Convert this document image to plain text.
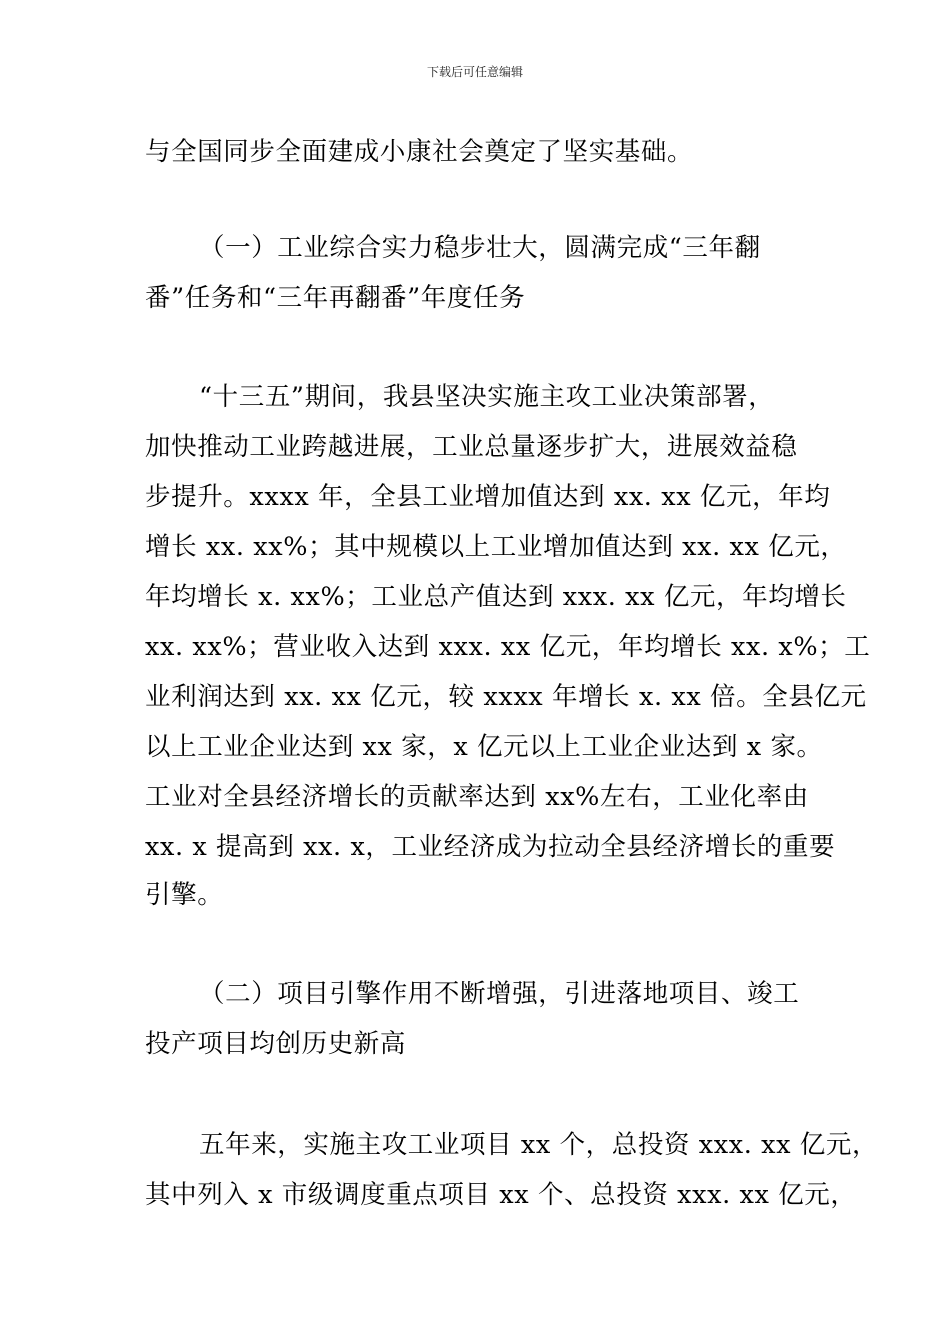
下载后可任意编辑
与全国同步全面建成小康社会奠定了坚实基础。
（一）工业综合实力稳步壮大，圆满完成“三年翻
番”任务和“三年再翻番”年度任务
“十三五”期间，我县坚决实施主攻工业决策部署，
加快推动工业跨越进展，工业总量逐步扩大，进展效益稳
步提升。xxxx 年，全县工业增加值达到 xx. xx 亿元，年均
增长 xx. xx%；其中规模以上工业增加值达到 xx. xx 亿元，
年均增长 x. xx%；工业总产值达到 xxx. xx 亿元，年均增长
xx. xx%；营业收入达到 xxx. xx 亿元，年均增长 xx. x%；工
业利润达到 xx. xx 亿元，较 xxxx 年增长 x. xx 倍。全县亿元
以上工业企业达到 xx 家，x 亿元以上工业企业达到 x 家。
工业对全县经济增长的贡献率达到 xx%左右，工业化率由
xx. x 提高到 xx. x，工业经济成为拉动全县经济增长的重要
引擎。
（二）项目引擎作用不断增强，引进落地项目、竣工
投产项目均创历史新高
五年来，实施主攻工业项目 xx 个，总投资 xxx. xx 亿元，
其中列入 x 市级调度重点项目 xx 个、总投资 xxx. xx 亿元，
